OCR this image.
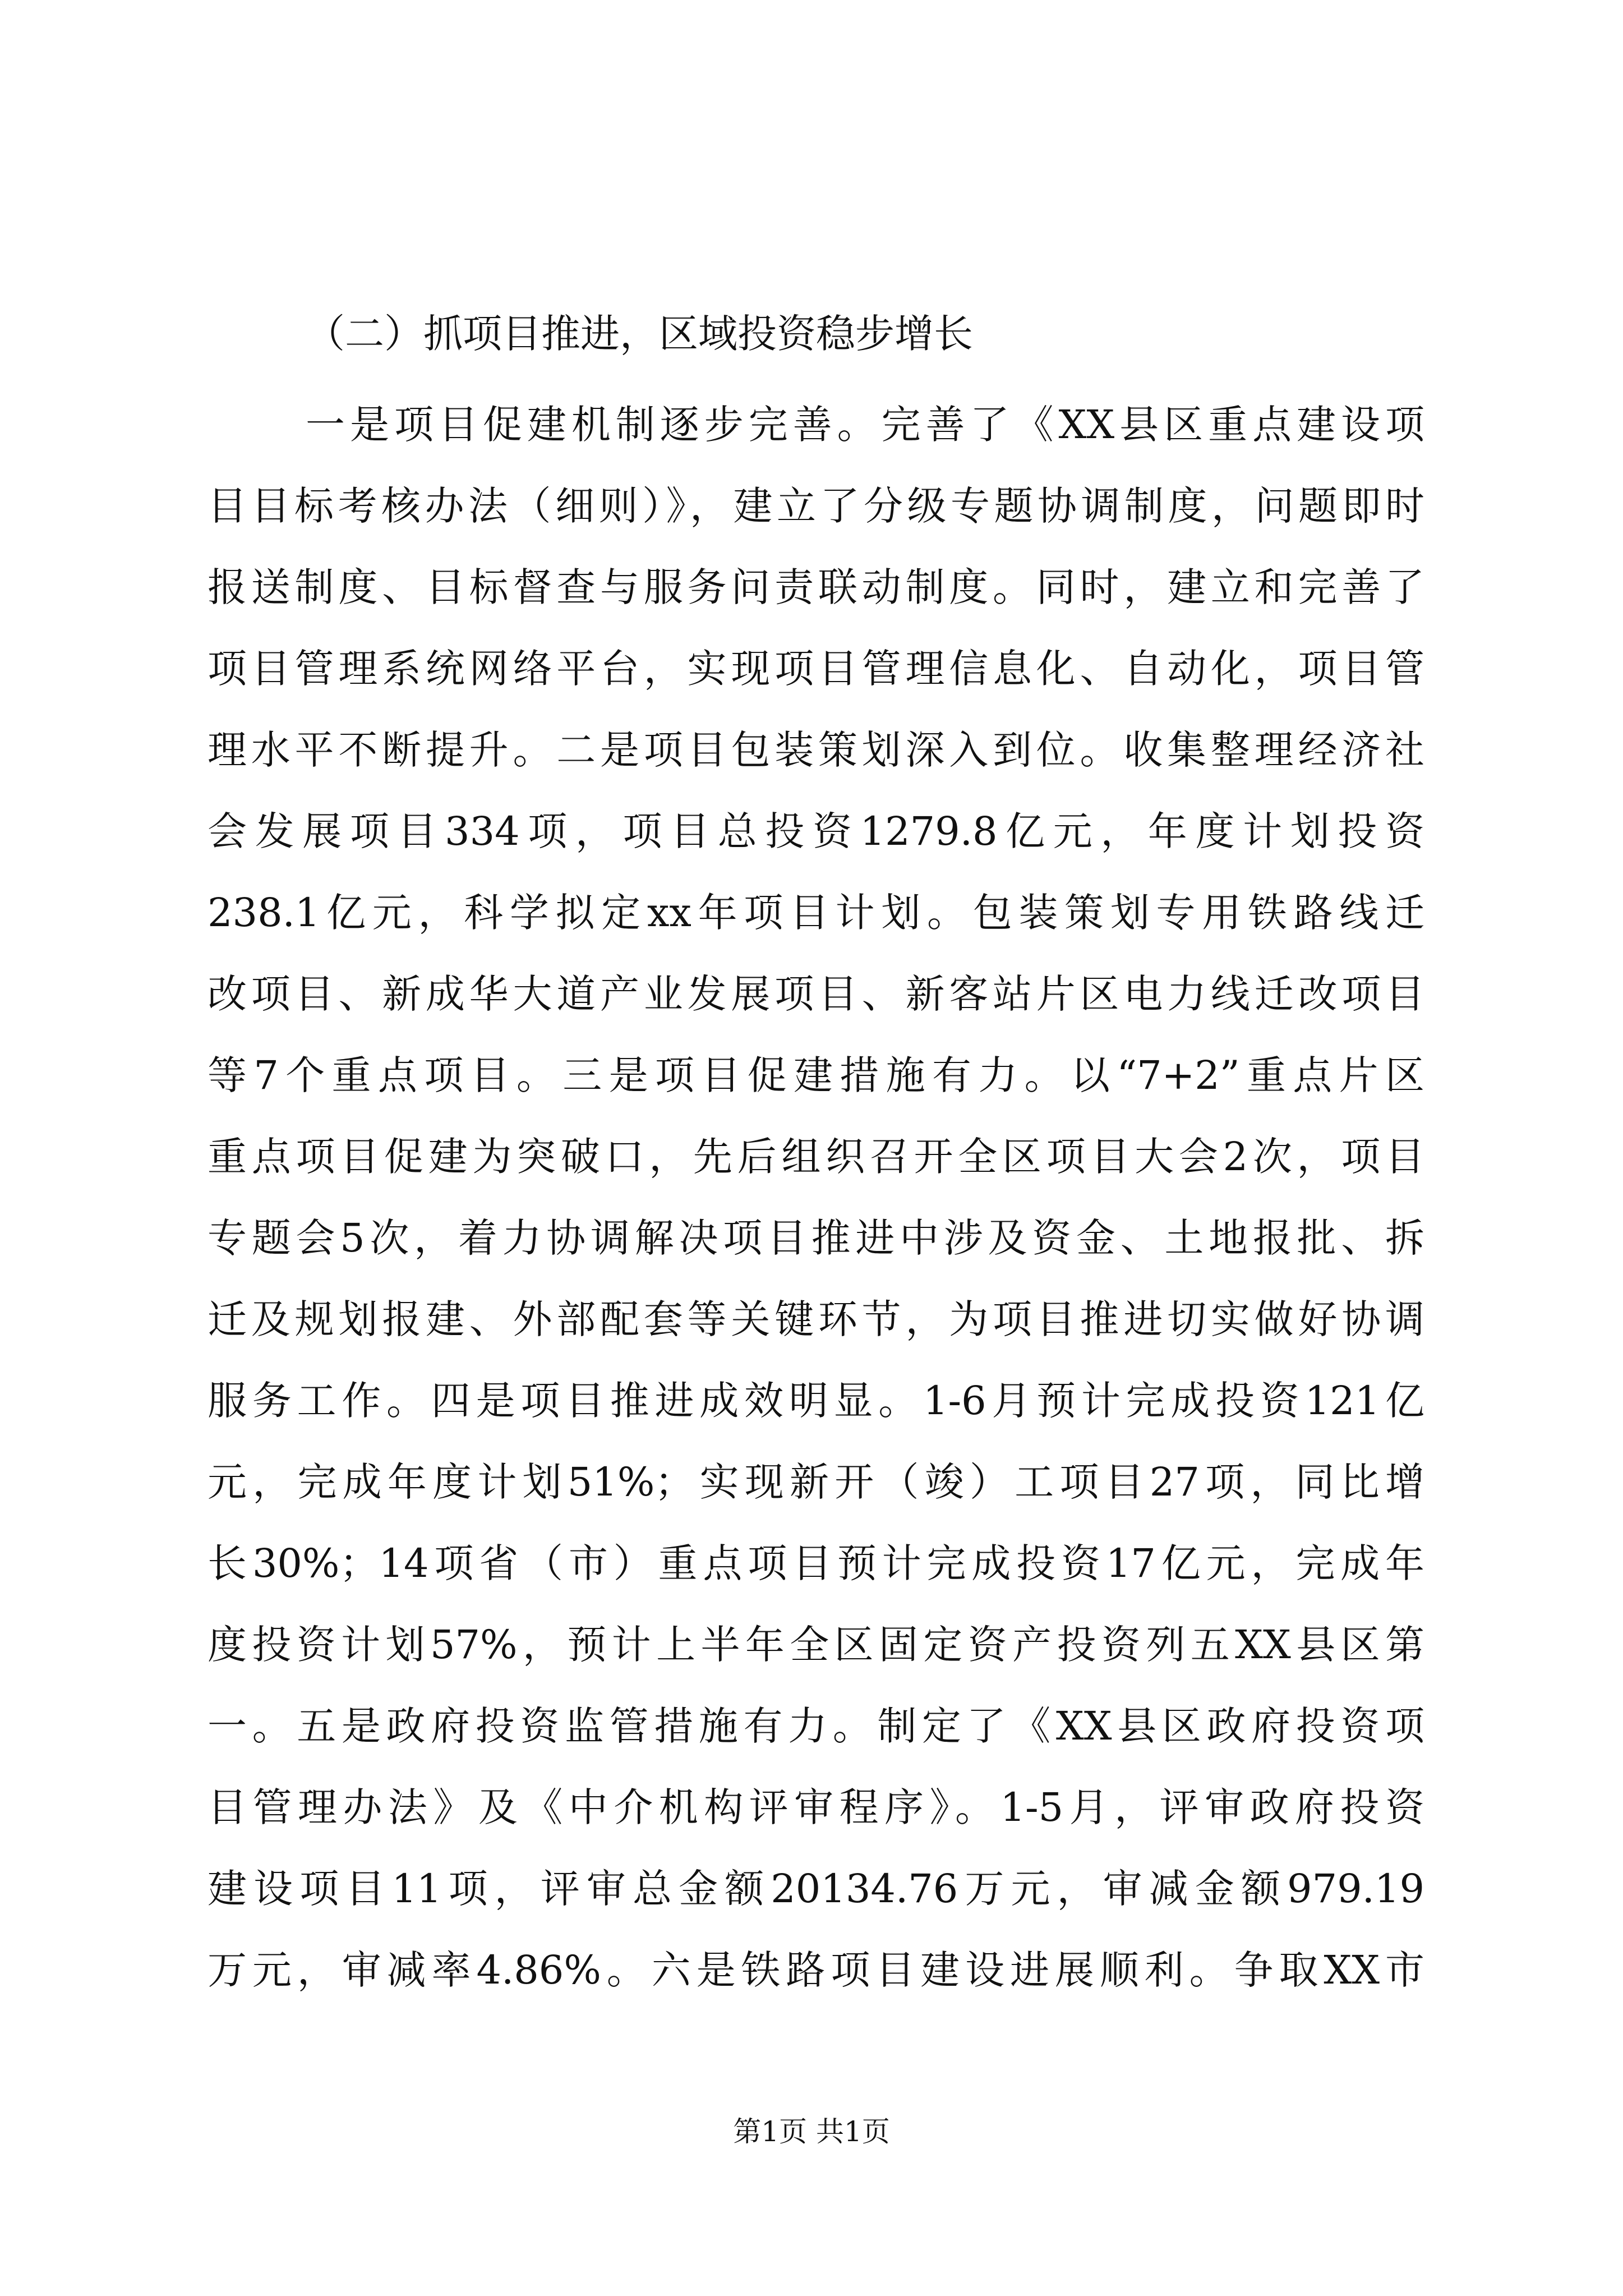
（二）抓项目推进，区域投资稳步增长
一是项目促建机制逐步完善。完善了《XX县区重点建设项
目目标考核办法（细则）》，建立了分级专题协调制度，问题即时
报送制度、目标督查与服务问责联动制度。同时，建立和完善了
项目管理系统网络平台，实现项目管理信息化、自动化，项目管
理水平不断提升。二是项目包装策划深入到位。收集整理经济社
会发展项目334项，项目总投资1279.8亿元，年度计划投资
238.1亿元，科学拟定xx年项目计划。包装策划专用铁路线迁
改项目、新成华大道产业发展项目、新客站片区电力线迁改项目
等7个重点项目。三是项目促建措施有力。以“7+2”重点片区
重点项目促建为突破口，先后组织召开全区项目大会2次，项目
专题会5次，着力协调解决项目推进中涉及资金、土地报批、拆
迁及规划报建、外部配套等关键环节，为项目推进切实做好协调
服务工作。四是项目推进成效明显。1-6月预计完成投资121亿
元，完成年度计划51%；实现新开（竣）工项目27项，同比增
长30%；14项省（市）重点项目预计完成投资17亿元，完成年
度投资计划57%，预计上半年全区固定资产投资列五XX县区第
一。五是政府投资监管措施有力。制定了《XX县区政府投资项
目管理办法》及《中介机构评审程序》。1-5月，评审政府投资
建设项目11项，评审总金额20134.76万元，审减金额979.19
万元，审减率4.86%。六是铁路项目建设进展顺利。争取XX市
第1页 共1页
